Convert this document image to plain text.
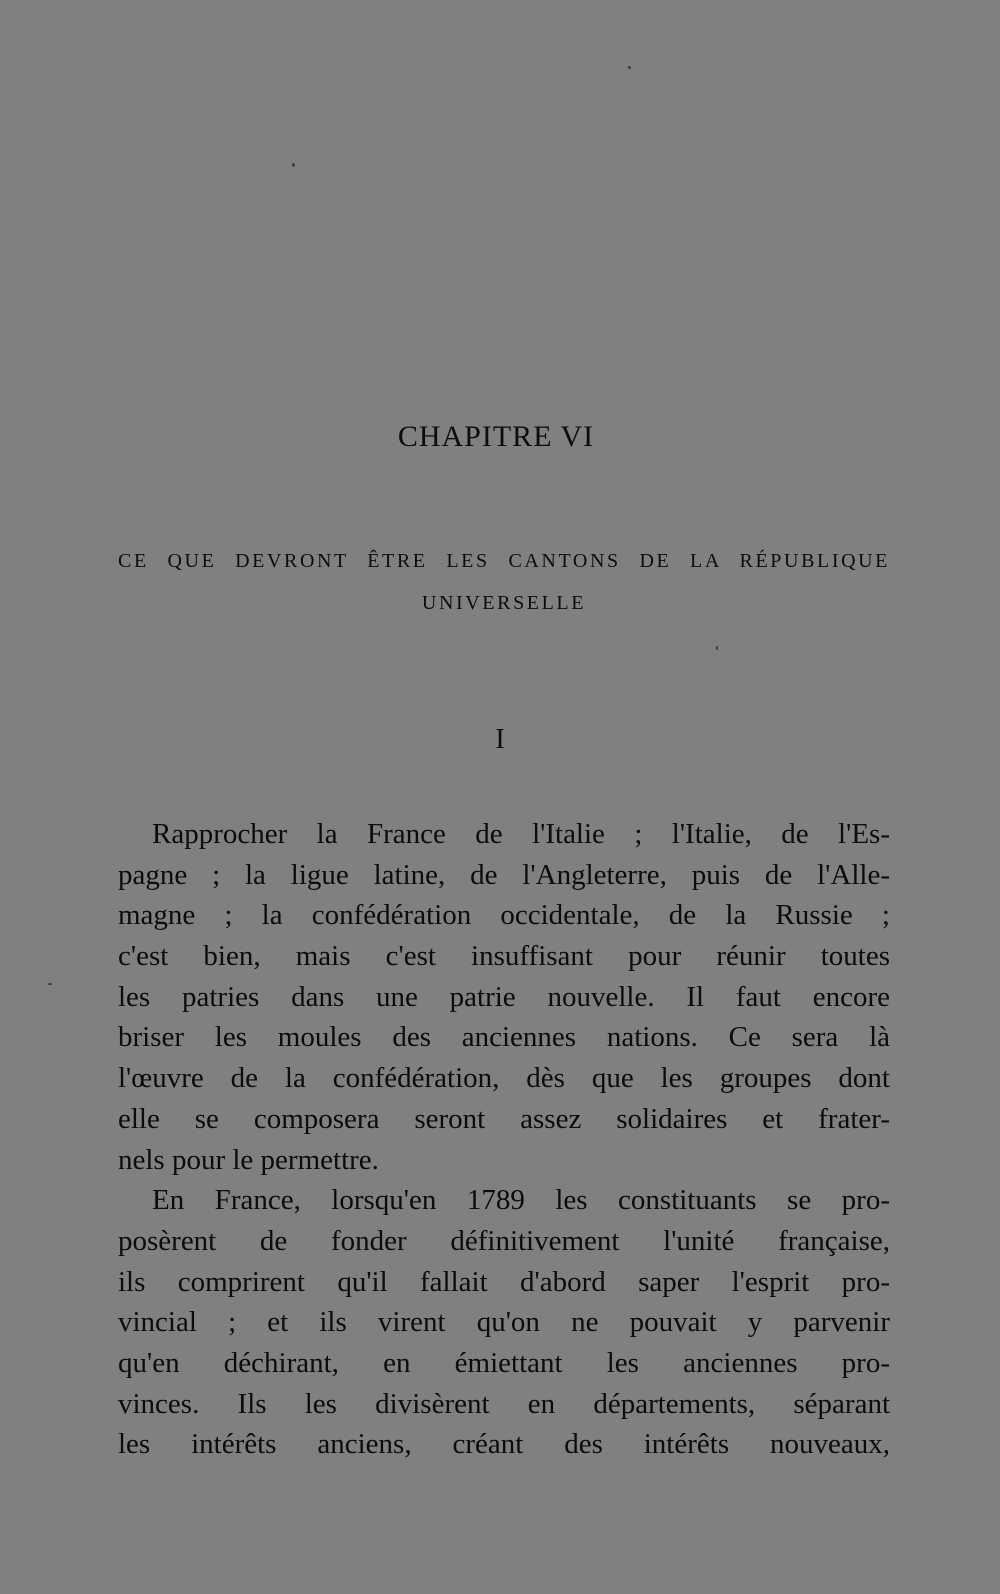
CHAPITRE VI
CE QUE DEVRONT ÊTRE LES CANTONS DE LA RÉPUBLIQUE UNIVERSELLE
I
Rapprocher la France de l'Italie ; l'Italie, de l'Es-
pagne ; la ligue latine, de l'Angleterre, puis de l'Alle-
magne ; la confédération occidentale, de la Russie ;
c'est bien, mais c'est insuffisant pour réunir toutes
les patries dans une patrie nouvelle. Il faut encore
briser les moules des anciennes nations. Ce sera là
l'œuvre de la confédération, dès que les groupes dont
elle se composera seront assez solidaires et frater-
nels pour le permettre.
En France, lorsqu'en 1789 les constituants se pro-
posèrent de fonder définitivement l'unité française,
ils comprirent qu'il fallait d'abord saper l'esprit pro-
vincial ; et ils virent qu'on ne pouvait y parvenir
qu'en déchirant, en émiettant les anciennes pro-
vinces. Ils les divisèrent en départements, séparant
les intérêts anciens, créant des intérêts nouveaux,
